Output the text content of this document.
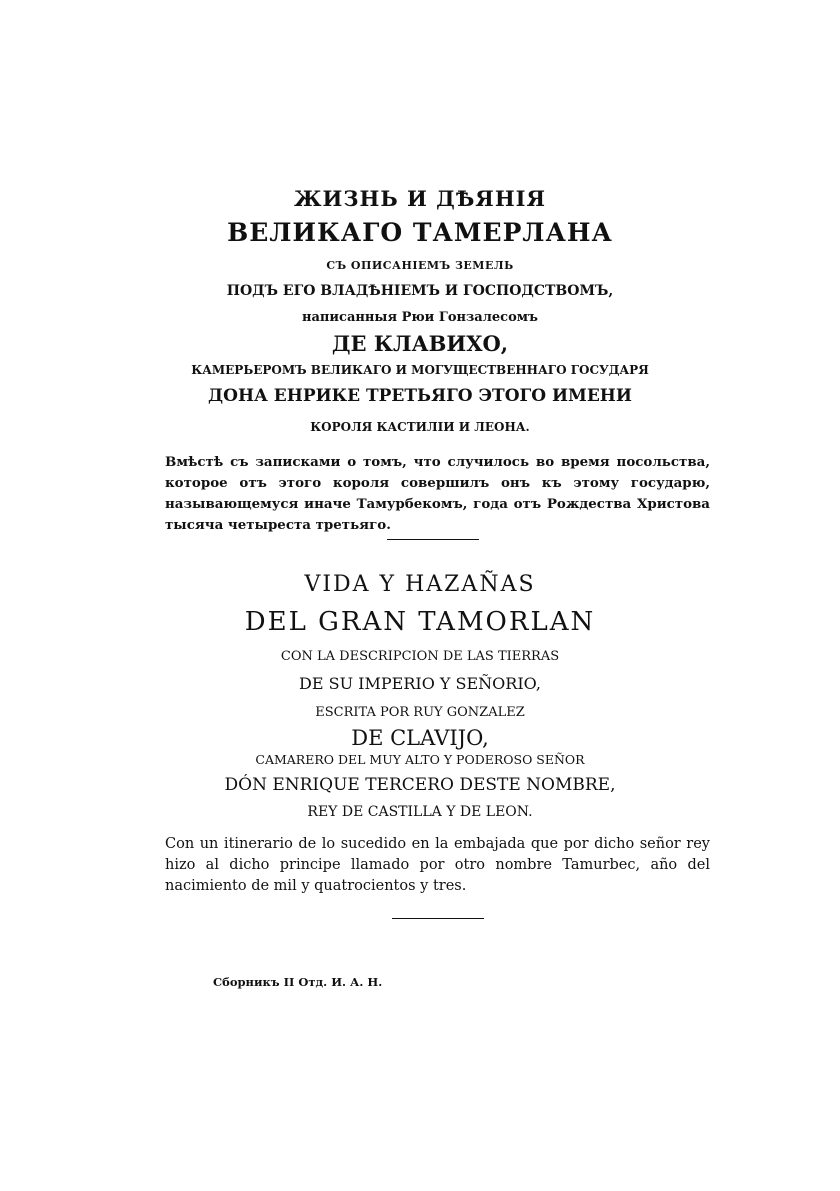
ЖИЗНЬ И ДѢЯНІЯ
ВЕЛИКАГО ТАМЕРЛАНА
СЪ ОПИСАНІЕМЪ ЗЕМЕЛЬ
ПОДЪ ЕГО ВЛАДѢНІЕМЪ И ГОСПОДСТВОМЪ,
написанныя Рюи Гонзалесомъ
ДЕ КЛАВИХО,
КАМЕРЬЕРОМЪ ВЕЛИКАГО И МОГУЩЕСТВЕННАГО ГОСУДАРЯ
ДОНА ЕНРИКЕ ТРЕТЬЯГО ЭТОГО ИМЕНИ
КОРОЛЯ КАСТИЛІИ И ЛЕОНА.
Вмѣстѣ съ записками о томъ, что случилось во время посольства, которое отъ этого короля совершилъ онъ къ этому государю, называющемуся иначе Тамурбекомъ, года отъ Рождества Христова тысяча четыреста третьяго.
VIDA Y HAZAÑAS
DEL GRAN TAMORLAN
CON LA DESCRIPCION DE LAS TIERRAS
DE SU IMPERIO Y SEÑORIO,
ESCRITA POR RUY GONZALEZ
DE CLAVIJO,
CAMARERO DEL MUY ALTO Y PODEROSO SEÑOR
DÓN ENRIQUE TERCERO DESTE NOMBRE,
REY DE CASTILLA Y DE LEON.
Con un itinerario de lo sucedido en la embajada que por dicho señor rey hizo al dicho principe llamado por otro nombre Tamurbec, año del nacimiento de mil y quatrocientos y tres.
Сборникъ II Отд. И. А. Н.
